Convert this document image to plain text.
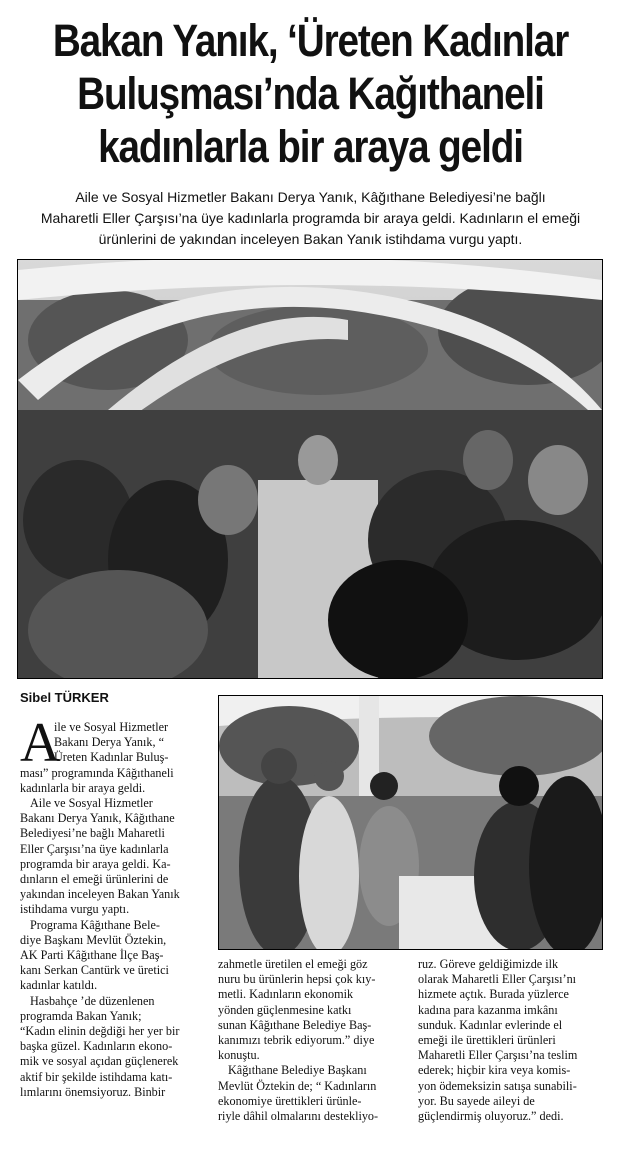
Bakan Yanık, ‘Üreten Kadınlar
Buluşması’nda Kağıthaneli
kadınlarla bir araya geldi
Aile ve Sosyal Hizmetler Bakanı Derya Yanık, Kâğıthane Belediyesi’ne bağlı
Maharetli Eller Çarşısı’na üye kadınlarla programda bir araya geldi. Kadınların el emeği
ürünlerini de yakından inceleyen Bakan Yanık istihdama vurgu yaptı.
Sibel TÜRKER
A
ile ve Sosyal Hizmetler
Bakanı Derya Yanık, “
Üreten Kadınlar Buluş-
ması” programında Kâğıthaneli
kadınlarla bir araya geldi.
Aile ve Sosyal Hizmetler
Bakanı Derya Yanık, Kâğıthane
Belediyesi’ne bağlı Maharetli
Eller Çarşısı’na üye kadınlarla
programda bir araya geldi. Ka-
dınların el emeği ürünlerini de
yakından inceleyen Bakan Yanık
istihdama vurgu yaptı.
Programa Kâğıthane Bele-
diye Başkanı Mevlüt Öztekin,
AK Parti Kâğıthane İlçe Baş-
kanı Serkan Cantürk ve üretici
kadınlar katıldı.
Hasbahçe ’de düzenlenen
programda Bakan Yanık;
“Kadın elinin değdiği her yer bir
başka güzel. Kadınların ekono-
mik ve sosyal açıdan güçlenerek
aktif bir şekilde istihdama katı-
lımlarını önemsiyoruz. Binbir
zahmetle üretilen el emeği göz
nuru bu ürünlerin hepsi çok kıy-
metli. Kadınların ekonomik
yönden güçlenmesine katkı
sunan Kâğıthane Belediye Baş-
kanımızı tebrik ediyorum.” diye
konuştu.
Kâğıthane Belediye Başkanı
Mevlüt Öztekin de; “ Kadınların
ekonomiye ürettikleri ürünle-
riyle dâhil olmalarını destekliyo-
ruz. Göreve geldiğimizde ilk
olarak Maharetli Eller Çarşısı’nı
hizmete açtık. Burada yüzlerce
kadına para kazanma imkânı
sunduk. Kadınlar evlerinde el
emeği ile ürettikleri ürünleri
Maharetli Eller Çarşısı’na teslim
ederek; hiçbir kira veya komis-
yon ödemeksizin satışa sunabili-
yor. Bu sayede aileyi de
güçlendirmiş oluyoruz.” dedi.
